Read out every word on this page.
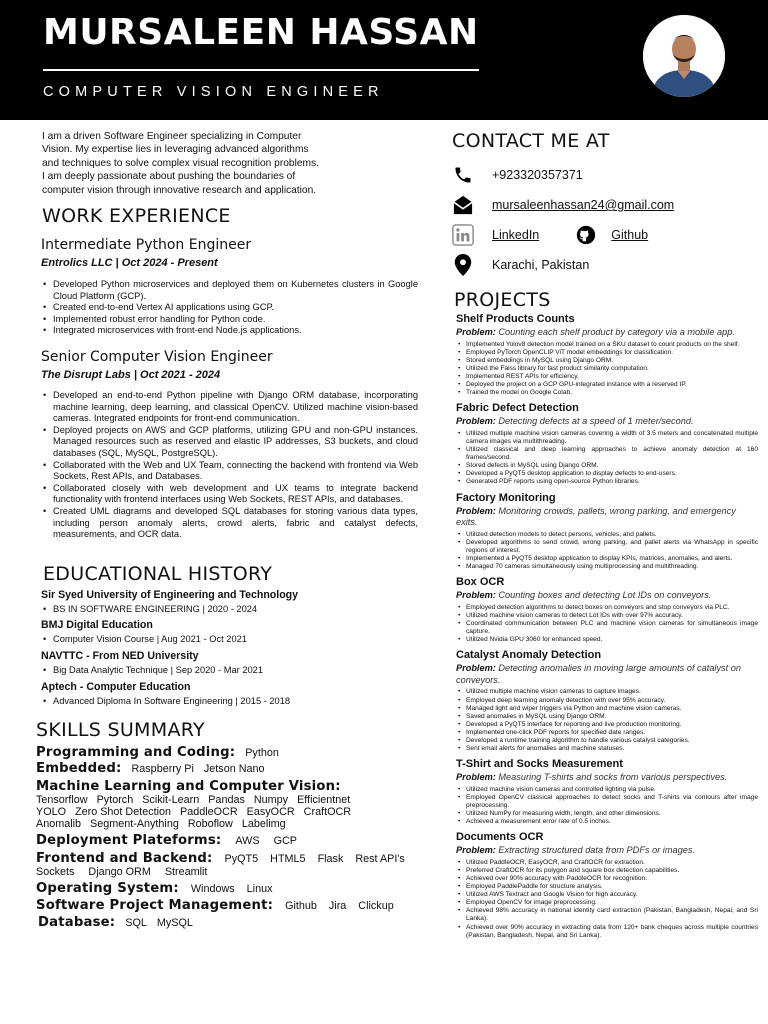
MURSALEEN HASSAN
COMPUTER VISION ENGINEER
I am a driven Software Engineer specializing in Computer
Vision. My expertise lies in leveraging advanced algorithms
and techniques to solve complex visual recognition problems.
I am deeply passionate about pushing the boundaries of
computer vision through innovative research and application.
WORK EXPERIENCE
Intermediate Python Engineer
Entrolics LLC | Oct 2024 - Present
• Developed Python microservices and deployed them on Kubernetes clusters in Google Cloud Platform (GCP).
• Created end-to-end Vertex AI applications using GCP.
• Implemented robust error handling for Python code.
• Integrated microservices with front-end Node.js applications.
Senior Computer Vision Engineer
The Disrupt Labs | Oct 2021 - 2024
• Developed an end-to-end Python pipeline with Django ORM database, incorporating machine learning, deep learning, and classical OpenCV. Utilized machine vision-based cameras. Integrated endpoints for front-end communication.
• Deployed projects on AWS and GCP platforms, utilizing GPU and non-GPU instances. Managed resources such as reserved and elastic IP addresses, S3 buckets, and cloud databases (SQL, MySQL, PostgreSQL).
• Collaborated with the Web and UX Team, connecting the backend with frontend via Web Sockets, Rest APIs, and Databases.
• Collaborated closely with web development and UX teams to integrate backend functionality with frontend interfaces using Web Sockets, REST APIs, and databases.
• Created UML diagrams and developed SQL databases for storing various data types, including person anomaly alerts, crowd alerts, fabric and catalyst defects, measurements, and OCR data.
EDUCATIONAL HISTORY
Sir Syed University of Engineering and Technology
• BS IN SOFTWARE ENGINEERING | 2020 - 2024
BMJ Digital Education
• Computer Vision Course | Aug 2021 - Oct 2021
NAVTTC - From NED University
• Big Data Analytic Technique | Sep 2020 - Mar 2021
Aptech - Computer Education
• Advanced Diploma In Software Engineering | 2015 - 2018
SKILLS SUMMARY
Programming and Coding: Python
Embedded: Raspberry Pi Jetson Nano
Machine Learning and Computer Vision:
Tensorflow Pytorch Scikit-Learn Pandas Numpy Efficientnet
YOLO Zero Shot Detection PaddleOCR EasyOCR CraftOCR
Anomalib Segment-Anything Roboflow Labelimg
Deployment Plateforms: AWS GCP
Frontend and Backend: PyQT5 HTML5 Flask Rest API's
Sockets Django ORM Streamlit
Operating System: Windows Linux
Software Project Management: Github Jira Clickup
Database: SQL MySQL
CONTACT ME AT
+923320357371
mursaleenhassan24@gmail.com
LinkedIn	Github
Karachi, Pakistan
PROJECTS
Shelf Products Counts
Problem: Counting each shelf product by category via a mobile app.
• Implemented Yolov8 detection model trained on a SKU dataset to count products on the shelf.
• Employed PyTorch OpenCLIP ViT model embeddings for classification.
• Stored embeddings in MySQL using Django ORM.
• Utilized the Faiss library for fast product similarity computation.
• Implemented REST APIs for efficiency.
• Deployed the project on a GCP GPU-integrated instance with a reserved IP.
• Trained the model on Google Colab.
Fabric Defect Detection
Problem: Detecting defects at a speed of 1 meter/second.
• Utilized multiple machine vision cameras covering a width of 3.5 meters and concatenated multiple camera images via multithreading.
• Utilized classical and deep learning approaches to achieve anomaly detection at 160 frames/second.
• Stored defects in MySQL using Django ORM.
• Developed a PyQT5 desktop application to display defects to end-users.
• Generated PDF reports using open-source Python libraries.
Factory Monitoring
Problem: Monitoring crowds, pallets, wrong parking, and emergency exits.
• Utilized detection models to detect persons, vehicles, and pallets.
• Developed algorithms to send crowd, wrong parking, and pallet alerts via WhatsApp in specific regions of interest.
• Implemented a PyQT5 desktop application to display KPIs, matrices, anomalies, and alerts.
• Managed 70 cameras simultaneously using multiprocessing and multithreading.
Box OCR
Problem: Counting boxes and detecting Lot IDs on conveyors.
• Employed detection algorithms to detect boxes on conveyors and stop conveyors via PLC.
• Utilized machine vision cameras to detect Lot IDs with over 97% accuracy.
• Coordinated communication between PLC and machine vision cameras for simultaneous image capture.
• Utilized Nvidia GPU 3060 for enhanced speed.
Catalyst Anomaly Detection
Problem: Detecting anomalies in moving large amounts of catalyst on conveyors.
• Utilized multiple machine vision cameras to capture images.
• Employed deep learning anomaly detection with over 95% accuracy.
• Managed light and wiper triggers via Python and machine vision cameras.
• Saved anomalies in MySQL using Django ORM.
• Developed a PyQT5 interface for reporting and live production monitoring.
• Implemented one-click PDF reports for specified date ranges.
• Developed a runtime training algorithm to handle various catalyst categories.
• Sent email alerts for anomalies and machine statuses.
T-Shirt and Socks Measurement
Problem: Measuring T-shirts and socks from various perspectives.
• Utilized machine vision cameras and controlled lighting via pulse.
• Employed OpenCV classical approaches to detect socks and T-shirts via contours after image preprocessing.
• Utilized NumPy for measuring width, length, and other dimensions.
• Achieved a measurement error rate of 0.5 inches.
Documents OCR
Problem: Extracting structured data from PDFs or images.
• Utilized PaddleOCR, EasyOCR, and CraftOCR for extraction.
• Preferred CraftOCR for its polygon and square box detection capabilities.
• Achieved over 90% accuracy with PaddleOCR for recognition.
• Employed PaddlePaddle for structure analysis.
• Utilized AWS Textract and Google Vision for high accuracy.
• Employed OpenCV for image preprocessing.
• Achieved 98% accuracy in national identity card extraction (Pakistan, Bangladesh, Nepal, and Sri Lanka).
• Achieved over 90% accuracy in extracting data from 120+ bank cheques across multiple countries (Pakistan, Bangladesh, Nepal, and Sri Lanka).
